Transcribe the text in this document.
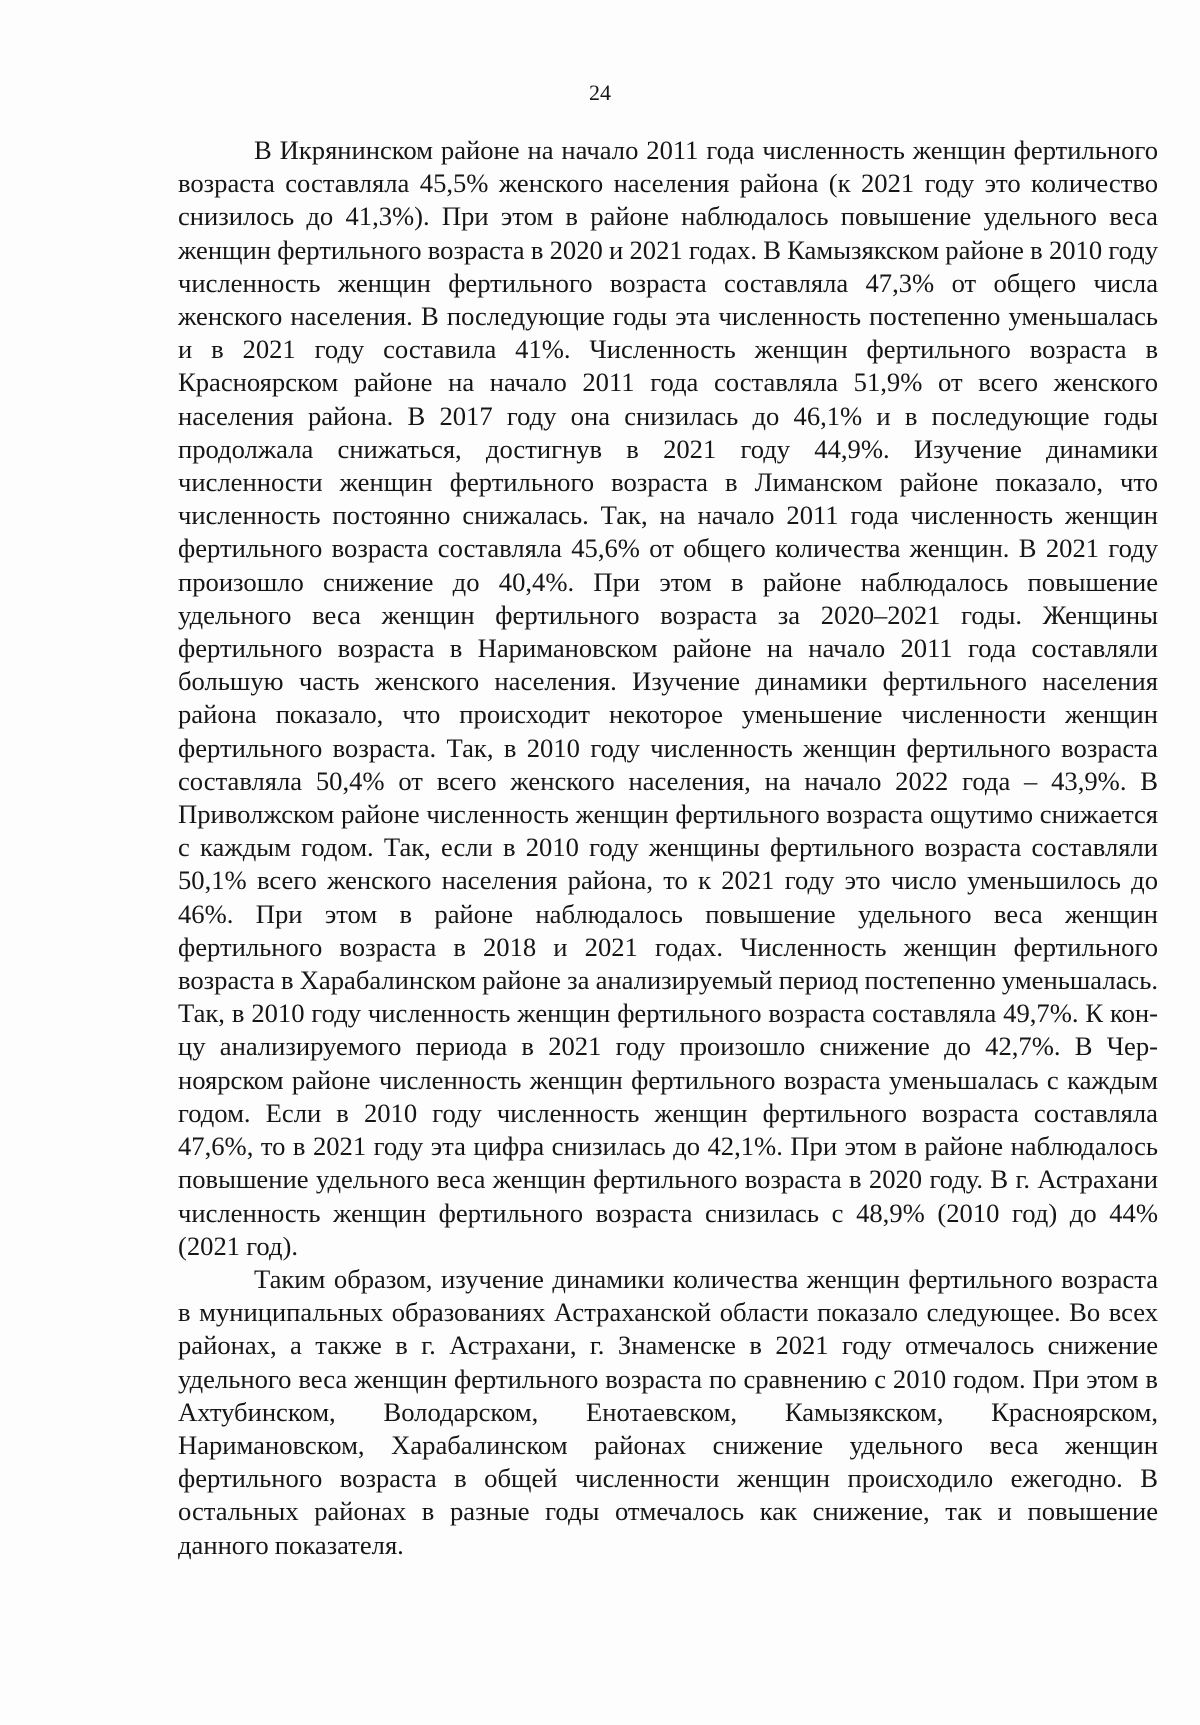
24

В Икрянинском районе на начало 2011 года численность женщин фертильного возраста составляла 45,5% женского населения района (к 2021 году это количество снизилось до 41,3%). При этом в районе наблюдалось повышение удельного веса женщин фертильного возраста в 2020 и 2021 годах. В Камызякском районе в 2010 году численность женщин фертильного возраста составляла 47,3% от общего числа женского населения. В последующие годы эта численность постепенно уменьшалась и в 2021 году составила 41%. Численность женщин фертильного возраста в Красноярском районе на начало 2011 года составляла 51,9% от всего женского населения района. В 2017 году она снизилась до 46,1% и в последующие годы продолжала снижаться, достигнув в 2021 году 44,9%. Изучение динамики численности женщин фертильного возраста в Лиманском районе показало, что численность постоянно снижалась. Так, на начало 2011 года численность женщин фертильного возраста составляла 45,6% от общего количества женщин. В 2021 году произошло снижение до 40,4%. При этом в районе наблюдалось повышение удельного веса женщин фертильного возраста за 2020–2021 годы. Женщины фертильного возраста в Наримановском районе на начало 2011 года составляли большую часть женского населения. Изучение динамики фертильного населения района показало, что происходит некоторое уменьшение численности женщин фертильного возраста. Так, в 2010 году численность женщин фертильного возраста составляла 50,4% от всего женского населения, на начало 2022 года – 43,9%. В Приволжском районе численность женщин фертильного возраста ощутимо снижается с каждым годом. Так, если в 2010 году женщины фертильного возраста составляли 50,1% всего женского населения района, то к 2021 году это число уменьшилось до 46%. При этом в районе наблюдалось повышение удельного веса женщин фертильного возраста в 2018 и 2021 годах. Численность женщин фертильного возраста в Харабалинском районе за анализируемый период постепенно уменьшалась. Так, в 2010 году численность женщин фертильного возраста составляла 49,7%. К концу анализируемого периода в 2021 году произошло снижение до 42,7%. В Черноярском районе численность женщин фертильного возраста уменьшалась с каждым годом. Если в 2010 году численность женщин фертильного возраста составляла 47,6%, то в 2021 году эта цифра снизилась до 42,1%. При этом в районе наблюдалось повышение удельного веса женщин фертильного возраста в 2020 году. В г. Астрахани численность женщин фертильного возраста снизилась с 48,9% (2010 год) до 44% (2021 год).

Таким образом, изучение динамики количества женщин фертильного возраста в муниципальных образованиях Астраханской области показало следующее. Во всех районах, а также в г. Астрахани, г. Знаменске в 2021 году отмечалось снижение удельного веса женщин фертильного возраста по сравнению с 2010 годом. При этом в Ахтубинском, Володарском, Енотаевском, Камызякском, Красноярском, Наримановском, Харабалинском районах снижение удельного веса женщин фертильного возраста в общей численности женщин происходило ежегодно. В остальных районах в разные годы отмечалось как снижение, так и повышение данного показателя.
